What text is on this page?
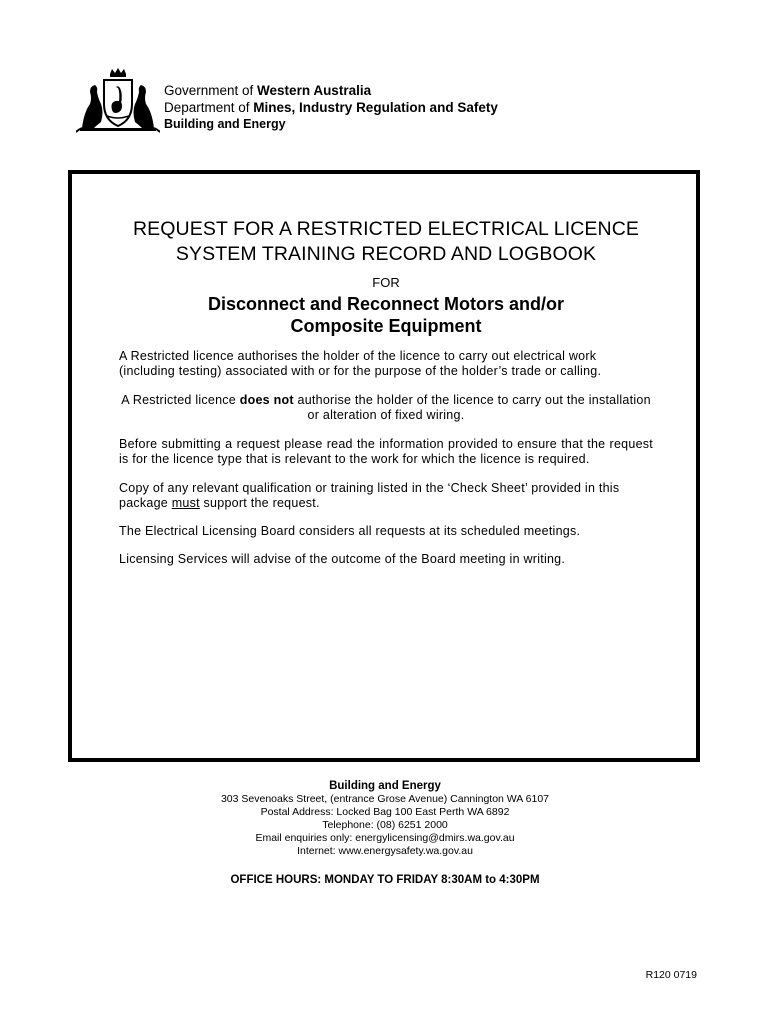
Government of Western Australia
Department of Mines, Industry Regulation and Safety
Building and Energy
REQUEST FOR A RESTRICTED ELECTRICAL LICENCE
SYSTEM TRAINING RECORD AND LOGBOOK
FOR
Disconnect and Reconnect Motors and/or
Composite Equipment

A Restricted licence authorises the holder of the licence to carry out electrical work (including testing) associated with or for the purpose of the holder’s trade or calling.

A Restricted licence does not authorise the holder of the licence to carry out the installation or alteration of fixed wiring.

Before submitting a request please read the information provided to ensure that the request is for the licence type that is relevant to the work for which the licence is required.

Copy of any relevant qualification or training listed in the ‘Check Sheet’ provided in this package must support the request.

The Electrical Licensing Board considers all requests at its scheduled meetings.

Licensing Services will advise of the outcome of the Board meeting in writing.

Building and Energy
303 Sevenoaks Street, (entrance Grose Avenue) Cannington WA 6107
Postal Address: Locked Bag 100 East Perth WA 6892
Telephone: (08) 6251 2000
Email enquiries only: energylicensing@dmirs.wa.gov.au
Internet: www.energysafety.wa.gov.au
OFFICE HOURS: MONDAY TO FRIDAY 8:30AM to 4:30PM
R120 0719
